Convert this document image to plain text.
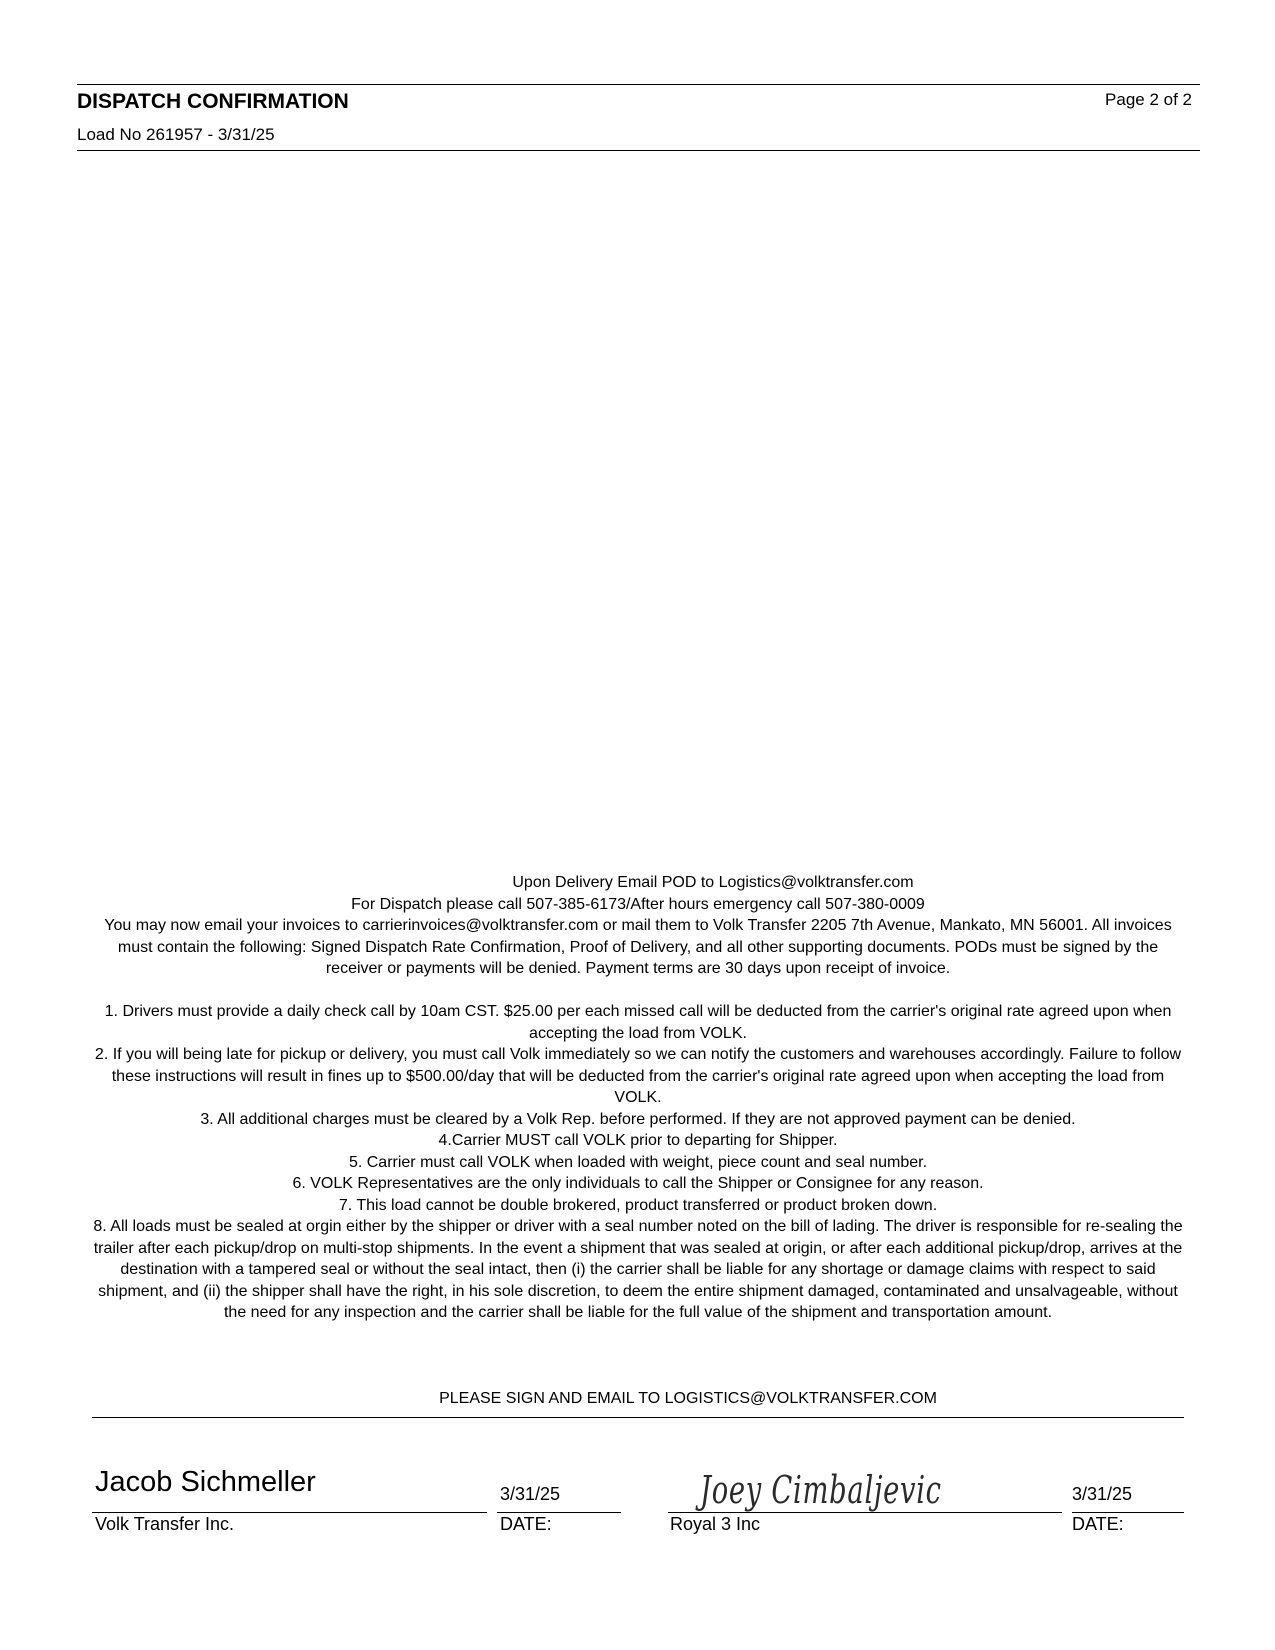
DISPATCH CONFIRMATION	Page 2 of 2
Load No 261957 - 3/31/25

Upon Delivery Email POD to Logistics@volktransfer.com

For Dispatch please call 507-385-6173/After hours emergency call 507-380-0009

You may now email your invoices to carrierinvoices@volktransfer.com or mail them to Volk Transfer 2205 7th Avenue, Mankato, MN 56001. All invoices must contain the following: Signed Dispatch Rate Confirmation, Proof of Delivery, and all other supporting documents. PODs must be signed by the receiver or payments will be denied. Payment terms are 30 days upon receipt of invoice.

1. Drivers must provide a daily check call by 10am CST. $25.00 per each missed call will be deducted from the carrier's original rate agreed upon when accepting the load from VOLK.

2. If you will being late for pickup or delivery, you must call Volk immediately so we can notify the customers and warehouses accordingly. Failure to follow these instructions will result in fines up to $500.00/day that will be deducted from the carrier's original rate agreed upon when accepting the load from VOLK.

3. All additional charges must be cleared by a Volk Rep. before performed. If they are not approved payment can be denied.

4.Carrier MUST call VOLK prior to departing for Shipper.

5. Carrier must call VOLK when loaded with weight, piece count and seal number.

6. VOLK Representatives are the only individuals to call the Shipper or Consignee for any reason.

7. This load cannot be double brokered, product transferred or product broken down.

8. All loads must be sealed at orgin either by the shipper or driver with a seal number noted on the bill of lading. The driver is responsible for re-sealing the trailer after each pickup/drop on multi-stop shipments. In the event a shipment that was sealed at origin, or after each additional pickup/drop, arrives at the destination with a tampered seal or without the seal intact, then (i) the carrier shall be liable for any shortage or damage claims with respect to said shipment, and (ii) the shipper shall have the right, in his sole discretion, to deem the entire shipment damaged, contaminated and unsalvageable, without the need for any inspection and the carrier shall be liable for the full value of the shipment and transportation amount.

PLEASE SIGN AND EMAIL TO LOGISTICS@VOLKTRANSFER.COM
Jacob Sichmeller	3/31/25	Joey Cimbaljevic	3/31/25
Volk Transfer Inc.	DATE:	Royal 3 Inc	DATE:
